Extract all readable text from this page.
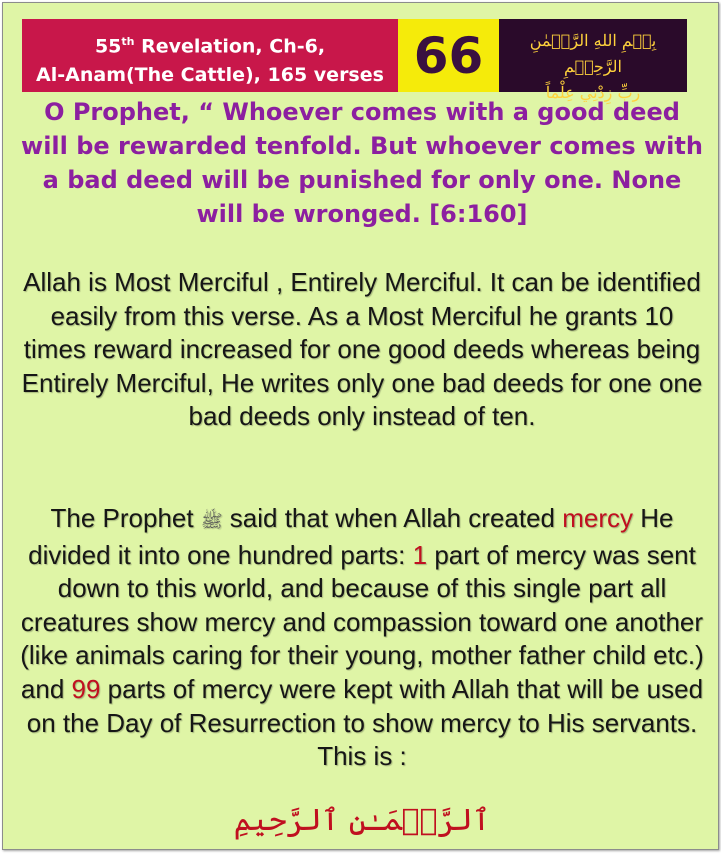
55th Revelation, Ch-6,
Al-Anam(The Cattle), 165 verses 66	بِسۡمِ اللهِ الرَّحۡمٰنِ الرَّحِيۡمِ
ربِّ زِدْنِي عِلْماً
O Prophet, “ Whoever comes with a good deed will be rewarded tenfold. But whoever comes with a bad deed will be punished for only one. None will be wronged. [6:160]
Allah is Most Merciful , Entirely Merciful. It can be identified easily from this verse. As a Most Merciful he grants 10 times reward increased for one good deeds whereas being Entirely Merciful, He writes only one bad deeds for one one bad deeds only instead of ten.
The Prophet ﷺ said that when Allah created mercy He divided it into one hundred parts: 1 part of mercy was sent down to this world, and because of this single part all creatures show mercy and compassion toward one another (like animals caring for their young, mother father child etc.) and 99 parts of mercy were kept with Allah that will be used on the Day of Resurrection to show mercy to His servants. This is :
ٱلرَّحۡمَـٰنِ ٱلرَّحِيمِ
